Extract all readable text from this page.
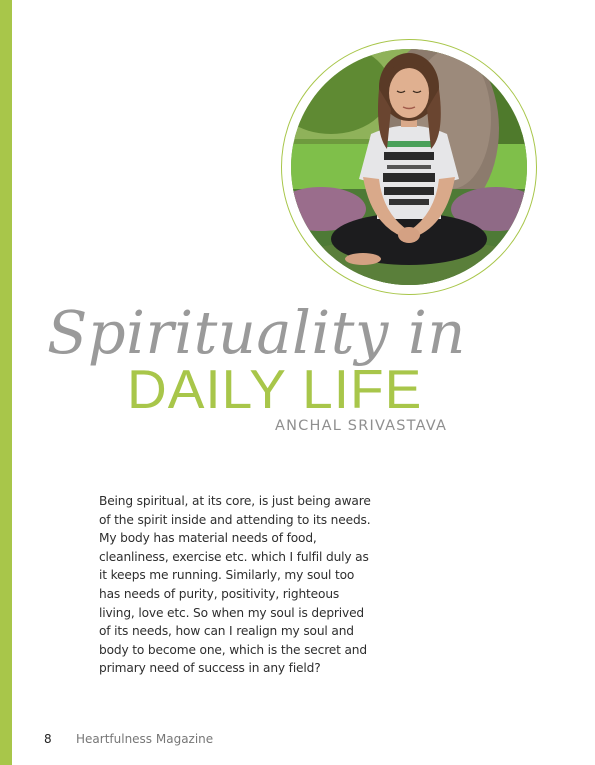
Spirituality in
DAILY LIFE
ANCHAL SRIVASTAVA
Being spiritual, at its core, is just being aware of the spirit inside and attending to its needs. My body has material needs of food, cleanliness, exercise etc. which I fulfil duly as it keeps me running. Similarly, my soul too has needs of purity, positivity, righteous living, love etc. So when my soul is deprived of its needs, how can I realign my soul and body to become one, which is the secret and primary need of success in any field?
8 Heartfulness Magazine
